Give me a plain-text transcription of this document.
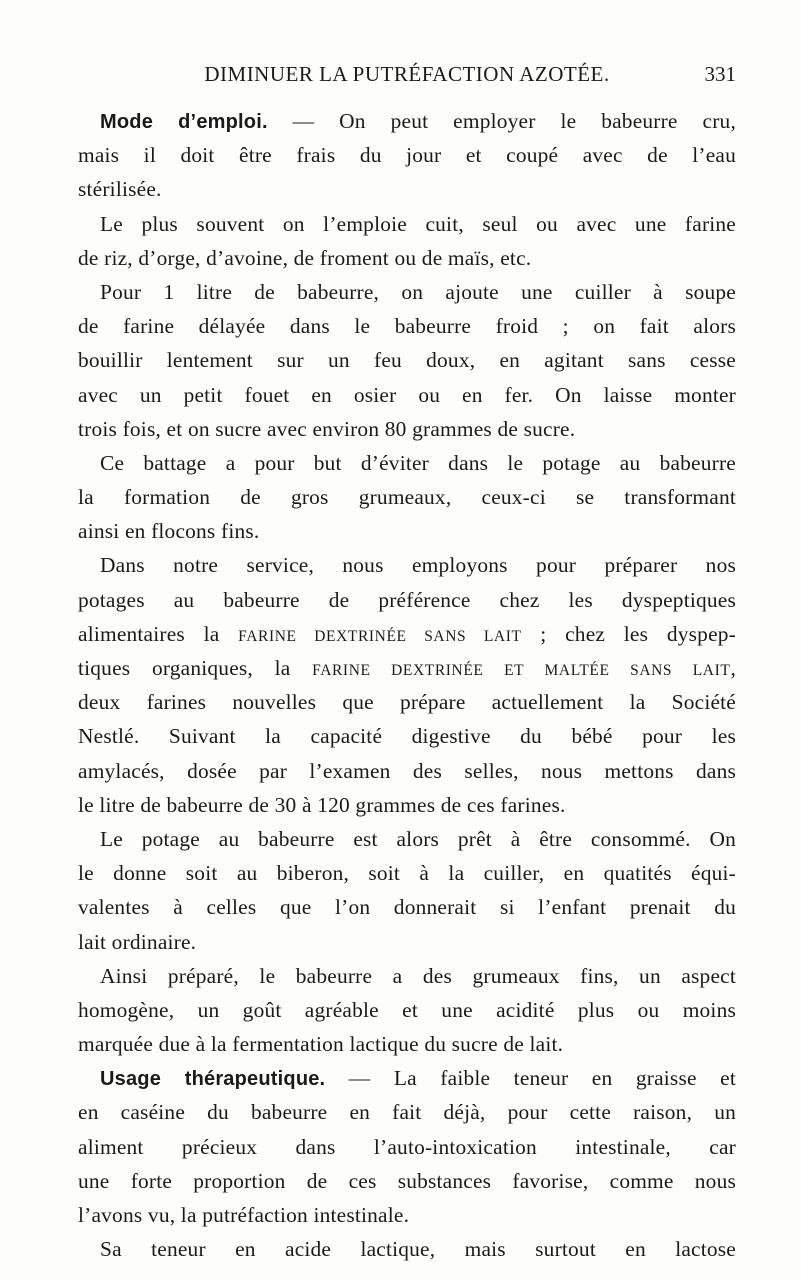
DIMINUER LA PUTRÉFACTION AZOTÉE.	331
Mode d’emploi. — On peut employer le babeurre cru,
mais il doit être frais du jour et coupé avec de l’eau
stérilisée.
Le plus souvent on l’emploie cuit, seul ou avec une farine
de riz, d’orge, d’avoine, de froment ou de maïs, etc.
Pour 1 litre de babeurre, on ajoute une cuiller à soupe
de farine délayée dans le babeurre froid ; on fait alors
bouillir lentement sur un feu doux, en agitant sans cesse
avec un petit fouet en osier ou en fer. On laisse monter
trois fois, et on sucre avec environ 80 grammes de sucre.
Ce battage a pour but d’éviter dans le potage au babeurre
la formation de gros grumeaux, ceux-ci se transformant
ainsi en flocons fins.
Dans notre service, nous employons pour préparer nos
potages au babeurre de préférence chez les dyspeptiques
alimentaires la FARINE DEXTRINÉE SANS LAIT ; chez les dyspep-
tiques organiques, la FARINE DEXTRINÉE ET MALTÉE SANS LAIT,
deux farines nouvelles que prépare actuellement la Société
Nestlé. Suivant la capacité digestive du bébé pour les
amylacés, dosée par l’examen des selles, nous mettons dans
le litre de babeurre de 30 à 120 grammes de ces farines.
Le potage au babeurre est alors prêt à être consommé. On
le donne soit au biberon, soit à la cuiller, en quatités équi-
valentes à celles que l’on donnerait si l’enfant prenait du
lait ordinaire.
Ainsi préparé, le babeurre a des grumeaux fins, un aspect
homogène, un goût agréable et une acidité plus ou moins
marquée due à la fermentation lactique du sucre de lait.
Usage thérapeutique. — La faible teneur en graisse et
en caséine du babeurre en fait déjà, pour cette raison, un
aliment précieux dans l’auto-intoxication intestinale, car
une forte proportion de ces substances favorise, comme nous
l’avons vu, la putréfaction intestinale.
Sa teneur en acide lactique, mais surtout en lactose
